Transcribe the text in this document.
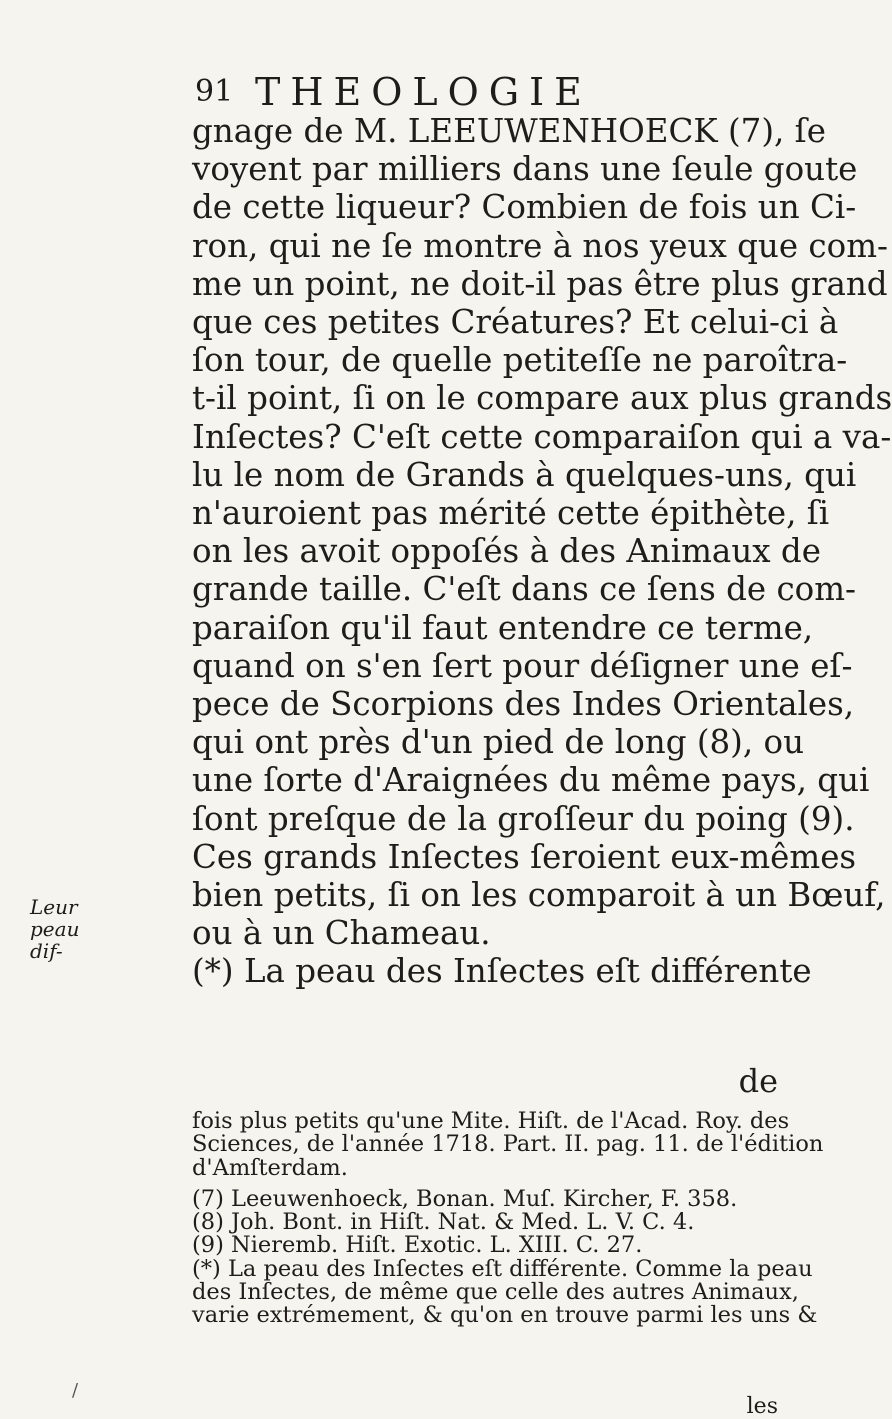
91 THEOLOGIE
Leur peau dif-
gnage de M. LEEUWENHOECK (7), ſe
voyent par milliers dans une ſeule goute
de cette liqueur? Combien de fois un Ci-
ron, qui ne ſe montre à nos yeux que com-
me un point, ne doit-il pas être plus grand
que ces petites Créatures? Et celui-ci à
ſon tour, de quelle petiteſſe ne paroîtra-
t-il point, ſi on le compare aux plus grands
Inſectes? C'eſt cette comparaiſon qui a va-
lu le nom de Grands à quelques-uns, qui
n'auroient pas mérité cette épithète, ſi
on les avoit oppoſés à des Animaux de
grande taille. C'eſt dans ce ſens de com-
paraiſon qu'il faut entendre ce terme,
quand on s'en ſert pour déſigner une eſ-
pece de Scorpions des Indes Orientales,
qui ont près d'un pied de long (8), ou
une ſorte d'Araignées du même pays, qui
ſont preſque de la groſſeur du poing (9).
Ces grands Inſectes ſeroient eux-mêmes
bien petits, ſi on les comparoit à un Bœuf,
ou à un Chameau.
(*) La peau des Inſectes eſt différente
de
fois plus petits qu'une Mite. Hiſt. de l'Acad. Roy. des
Sciences, de l'année 1718. Part. II. pag. 11. de l'édition
d'Amſterdam.
(7) Leeuwenhoeck, Bonan. Muſ. Kircher, F. 358.
(8) Joh. Bont. in Hiſt. Nat. & Med. L. V. C. 4.
(9) Nieremb. Hiſt. Exotic. L. XIII. C. 27.
(*) La peau des Inſectes eſt différente. Comme la peau
des Inſectes, de même que celle des autres Animaux,
varie extrémement, & qu'on en trouve parmi les uns &
les
/
